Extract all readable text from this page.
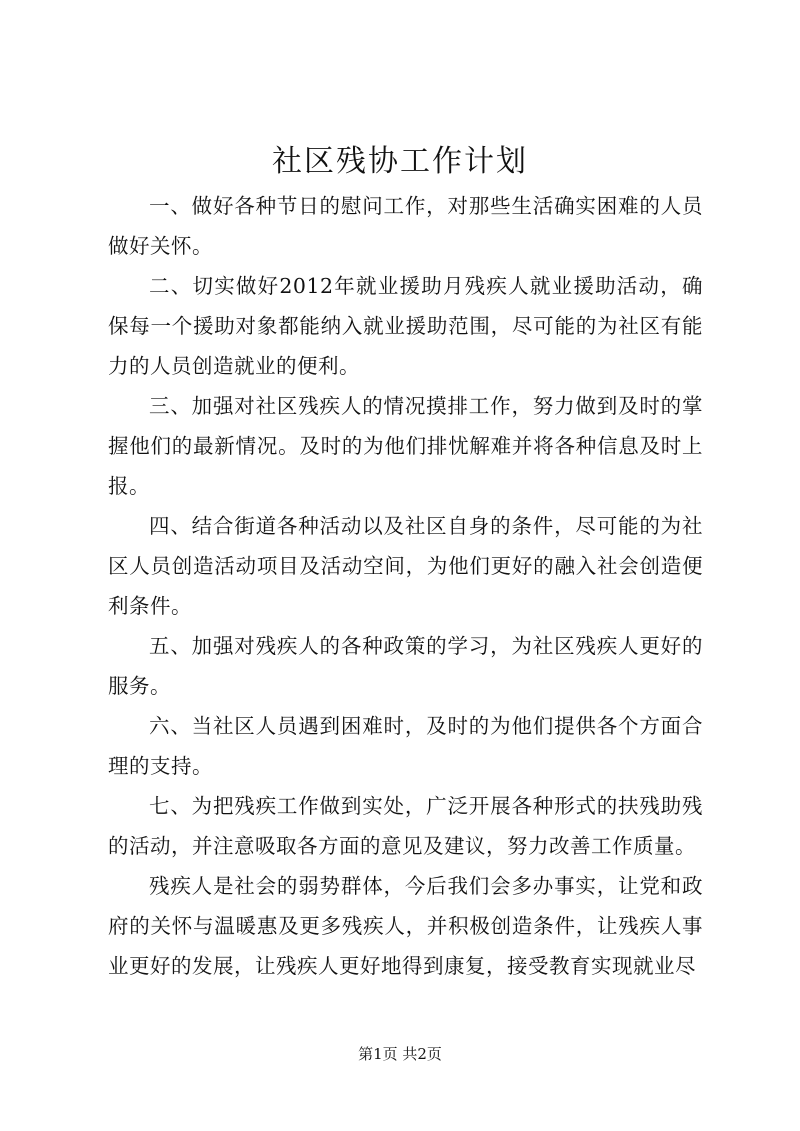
社区残协工作计划

一、做好各种节日的慰问工作，对那些生活确实困难的人员做好关怀。

二、切实做好2012年就业援助月残疾人就业援助活动，确保每一个援助对象都能纳入就业援助范围，尽可能的为社区有能力的人员创造就业的便利。

三、加强对社区残疾人的情况摸排工作，努力做到及时的掌握他们的最新情况。及时的为他们排忧解难并将各种信息及时上报。

四、结合街道各种活动以及社区自身的条件，尽可能的为社区人员创造活动项目及活动空间，为他们更好的融入社会创造便利条件。

五、加强对残疾人的各种政策的学习，为社区残疾人更好的服务。

六、当社区人员遇到困难时，及时的为他们提供各个方面合理的支持。

七、为把残疾工作做到实处，广泛开展各种形式的扶残助残的活动，并注意吸取各方面的意见及建议，努力改善工作质量。

残疾人是社会的弱势群体，今后我们会多办事实，让党和政府的关怀与温暖惠及更多残疾人，并积极创造条件，让残疾人事业更好的发展，让残疾人更好地得到康复，接受教育实现就业尽

第1页 共2页
